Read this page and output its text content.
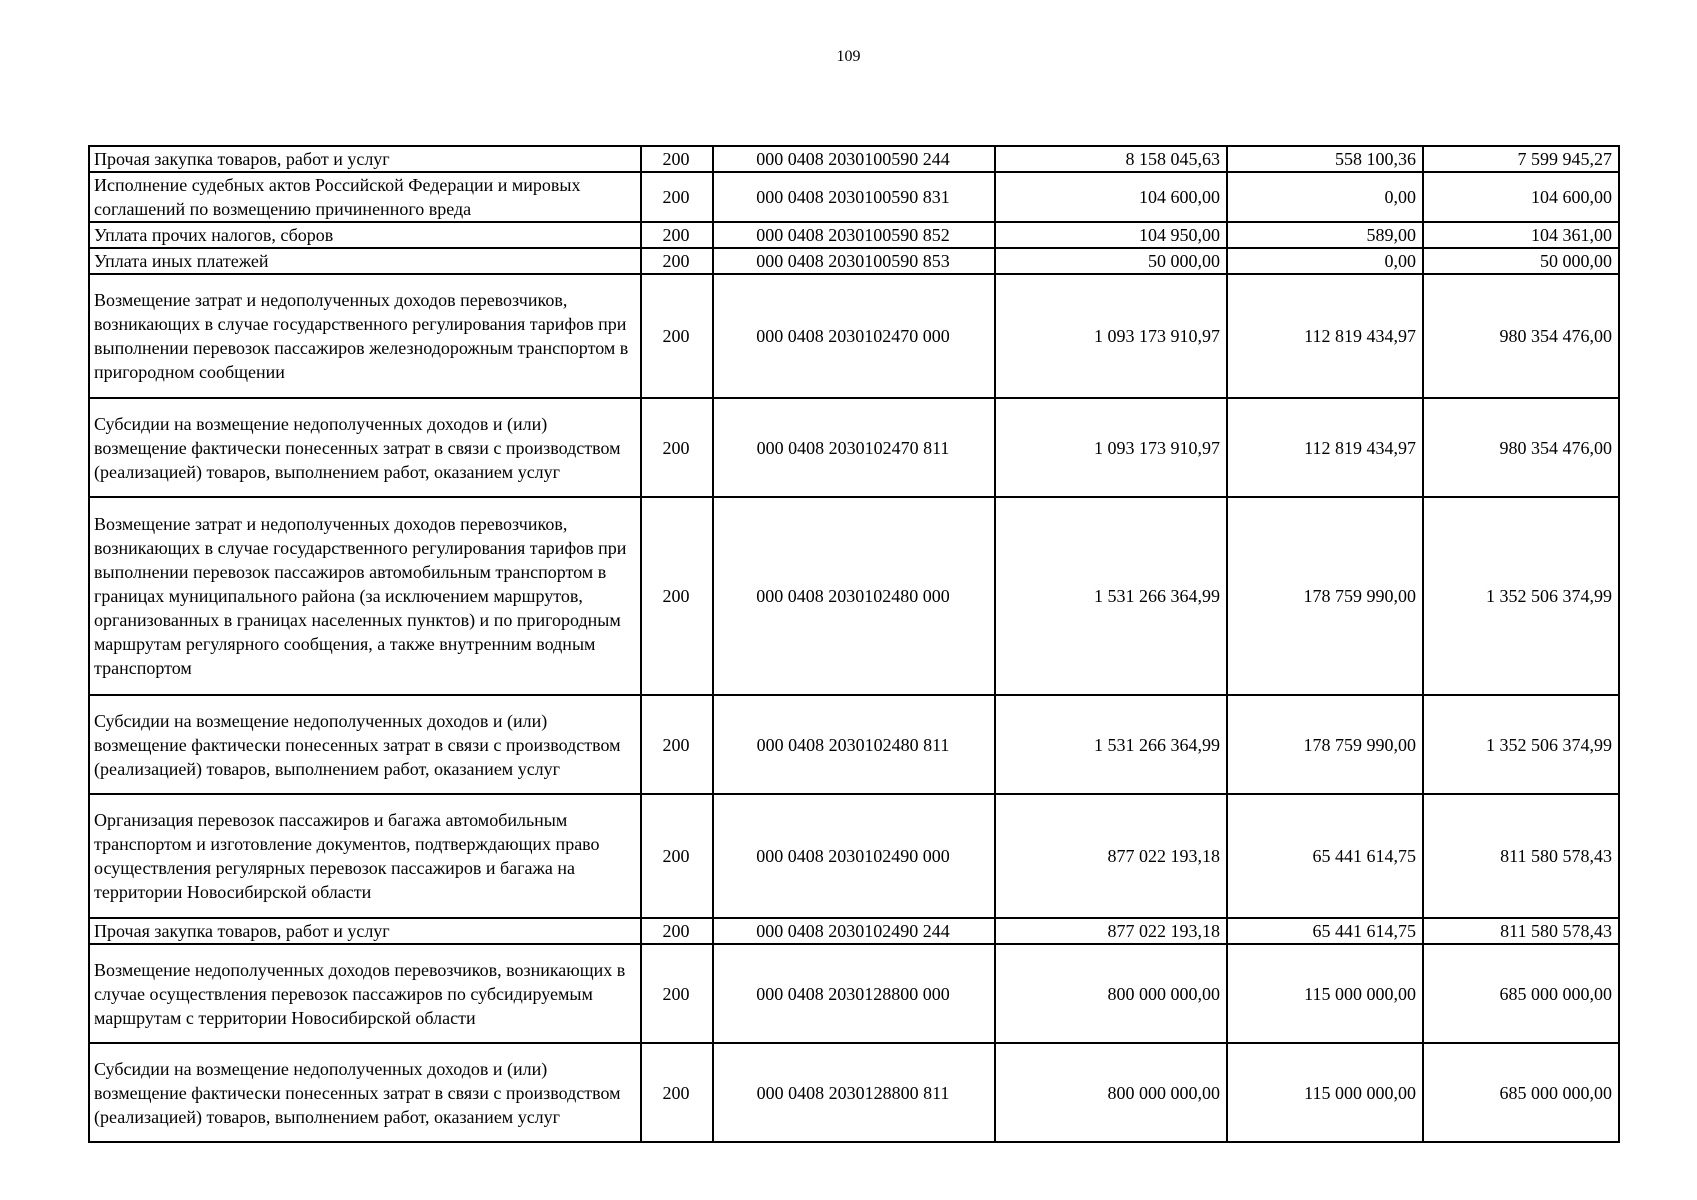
109
Прочая закупка товаров, работ и услуг	200	000 0408 2030100590 244	8 158 045,63	558 100,36	7 599 945,27
Исполнение судебных актов Российской Федерации и мировых соглашений по возмещению причиненного вреда	200	000 0408 2030100590 831	104 600,00	0,00	104 600,00
Уплата прочих налогов, сборов	200	000 0408 2030100590 852	104 950,00	589,00	104 361,00
Уплата иных платежей	200	000 0408 2030100590 853	50 000,00	0,00	50 000,00
Возмещение затрат и недополученных доходов перевозчиков, возникающих в случае государственного регулирования тарифов при выполнении перевозок пассажиров железнодорожным транспортом в пригородном сообщении	200	000 0408 2030102470 000	1 093 173 910,97	112 819 434,97	980 354 476,00
Субсидии на возмещение недополученных доходов и (или) возмещение фактически понесенных затрат в связи с производством (реализацией) товаров, выполнением работ, оказанием услуг	200	000 0408 2030102470 811	1 093 173 910,97	112 819 434,97	980 354 476,00
Возмещение затрат и недополученных доходов перевозчиков, возникающих в случае государственного регулирования тарифов при выполнении перевозок пассажиров автомобильным транспортом в границах муниципального района (за исключением маршрутов, организованных в границах населенных пунктов) и по пригородным маршрутам регулярного сообщения, а также внутренним водным транспортом	200	000 0408 2030102480 000	1 531 266 364,99	178 759 990,00	1 352 506 374,99
Субсидии на возмещение недополученных доходов и (или) возмещение фактически понесенных затрат в связи с производством (реализацией) товаров, выполнением работ, оказанием услуг	200	000 0408 2030102480 811	1 531 266 364,99	178 759 990,00	1 352 506 374,99
Организация перевозок пассажиров и багажа автомобильным транспортом и изготовление документов, подтверждающих право осуществления регулярных перевозок пассажиров и багажа на территории Новосибирской области	200	000 0408 2030102490 000	877 022 193,18	65 441 614,75	811 580 578,43
Прочая закупка товаров, работ и услуг	200	000 0408 2030102490 244	877 022 193,18	65 441 614,75	811 580 578,43
Возмещение недополученных доходов перевозчиков, возникающих в случае осуществления перевозок пассажиров по субсидируемым маршрутам с территории Новосибирской области	200	000 0408 2030128800 000	800 000 000,00	115 000 000,00	685 000 000,00
Субсидии на возмещение недополученных доходов и (или) возмещение фактически понесенных затрат в связи с производством (реализацией) товаров, выполнением работ, оказанием услуг	200	000 0408 2030128800 811	800 000 000,00	115 000 000,00	685 000 000,00
